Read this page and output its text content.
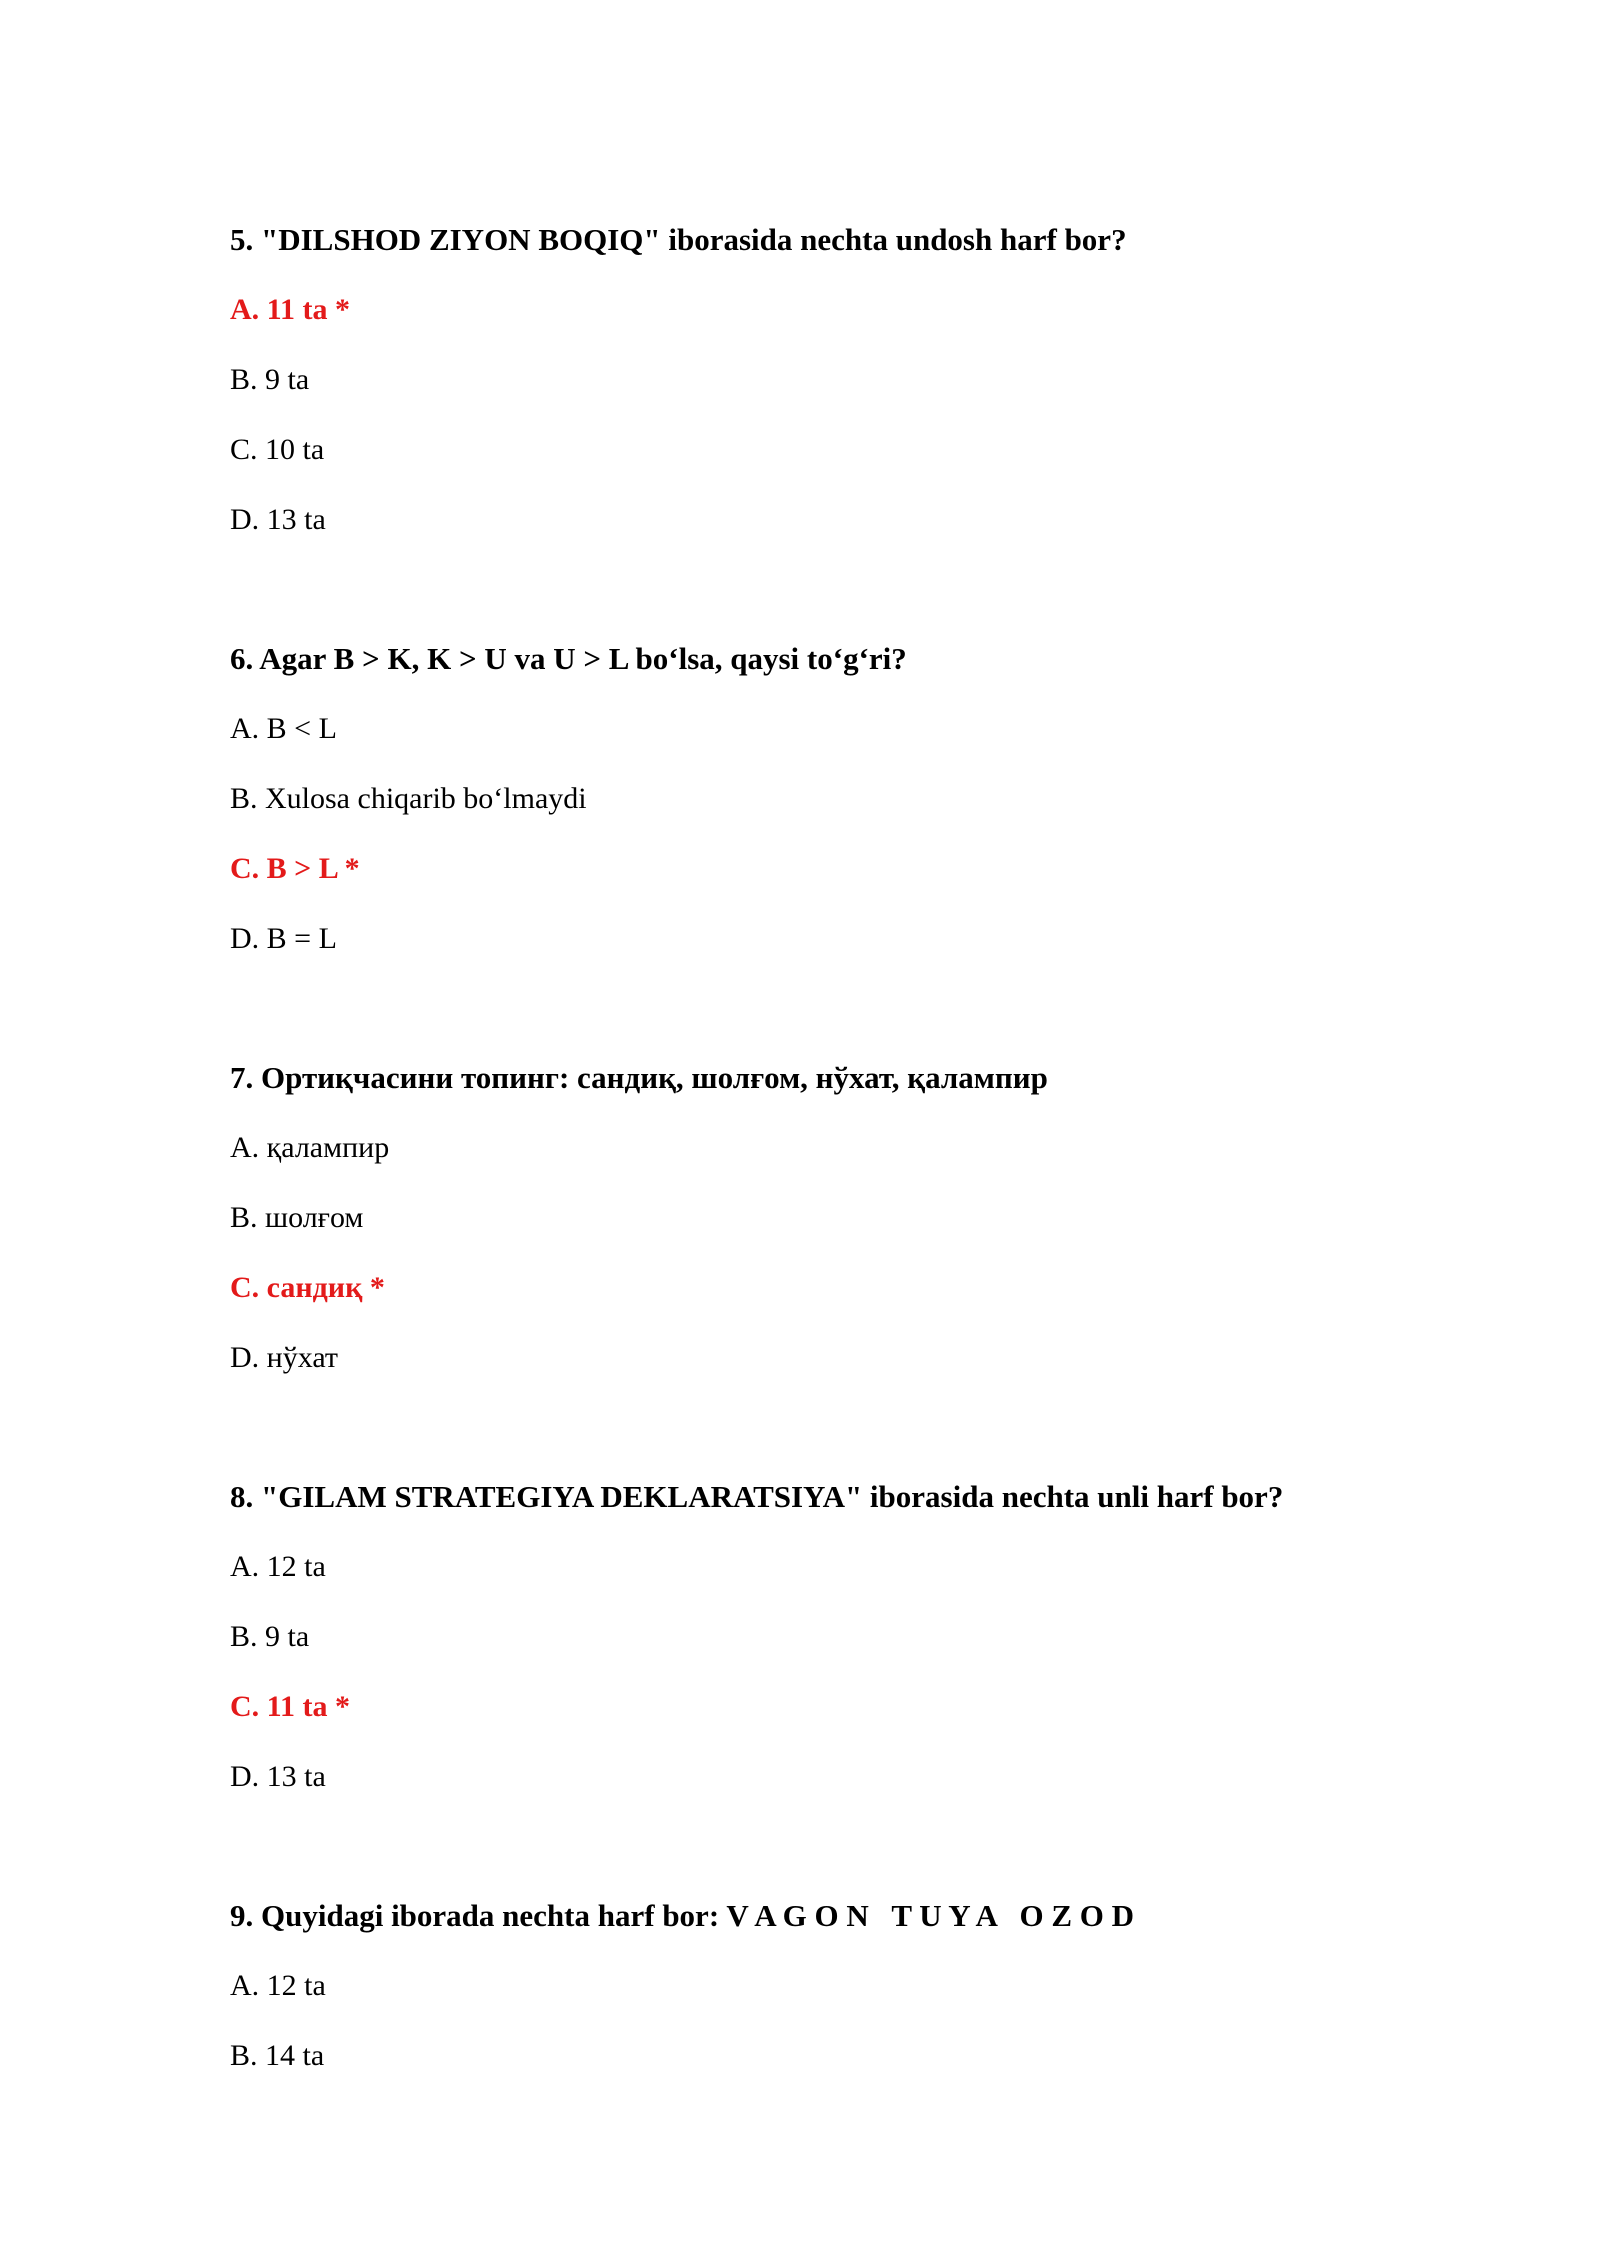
5. "DILSHOD ZIYON BOQIQ" iborasida nechta undosh harf bor?

A. 11 ta *

B. 9 ta

C. 10 ta

D. 13 ta

6. Agar B > K, K > U va U > L bo‘lsa, qaysi to‘g‘ri?

A. B < L

B. Xulosa chiqarib bo‘lmaydi

C. B > L *

D. B = L

7. Ортиқчасини топинг: сандиқ, шолғом, нўхат, қалампир

A. қалампир

B. шолғом

C. сандиқ *

D. нўхат

8. "GILAM STRATEGIYA DEKLARATSIYA" iborasida nechta unli harf bor?

A. 12 ta

B. 9 ta

C. 11 ta *

D. 13 ta

9. Quyidagi iborada nechta harf bor: V A G O N   T U Y A   O Z O D

A. 12 ta

B. 14 ta
